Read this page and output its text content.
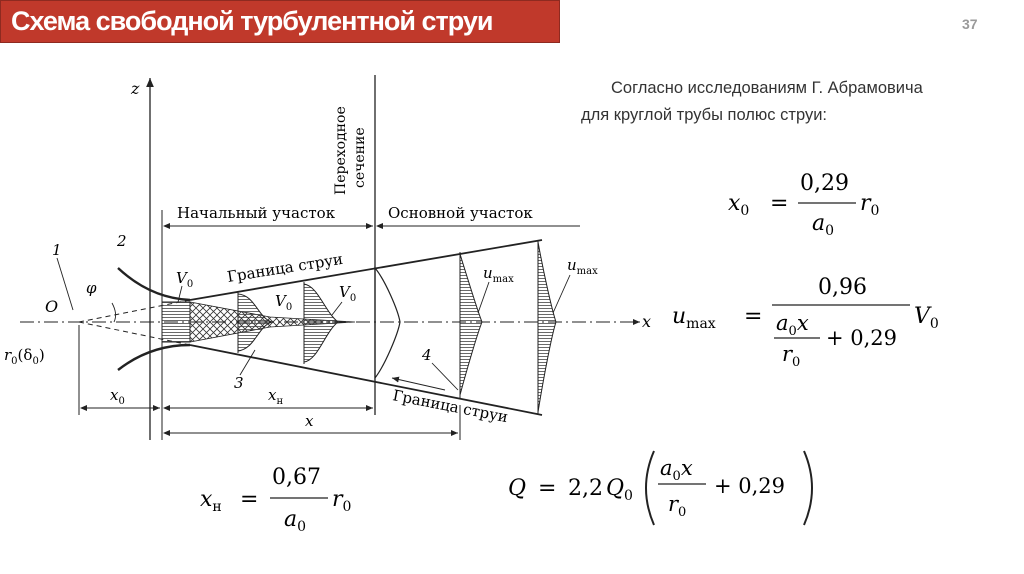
Схема свободной турбулентной струи	37
Согласно исследованиям Г. Абрамовича
для круглой трубы полюс струи:
z
x
Переходное сечение
Начальный участок	Основной участок
Граница струи
Граница струи
1	2
3
4
O
φ
$r_0(\delta_0)$
$V_0$
$V_0$
$V_0$
$u_{max}$
$u_{max}$
$x_0$	$x_н$
x
$x_0$ =
0,29
$a_0$
$r_0$
$u_{max}$ =
0,96
$a_0x$
$r_0$
+ 0,29
$V_0$
$x_н$ =
0,67
$a_0$
$r_0$
Q = 2,2 $Q_0$
$a_0x$
$r_0$
+ 0,29
